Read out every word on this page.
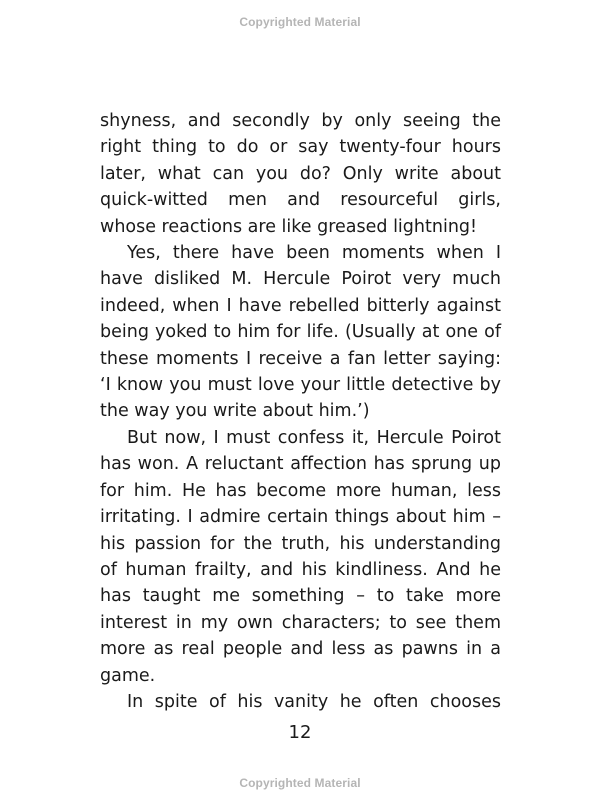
Copyrighted Material

shyness, and secondly by only seeing the right thing to do or say twenty-four hours later, what can you do? Only write about quick-witted men and resourceful girls, whose reactions are like greased lightning!

Yes, there have been moments when I have disliked M. Hercule Poirot very much indeed, when I have rebelled bitterly against being yoked to him for life. (Usually at one of these moments I receive a fan letter saying: ‘I know you must love your little detective by the way you write about him.’)

But now, I must confess it, Hercule Poirot has won. A reluctant affection has sprung up for him. He has become more human, less irritating. I admire certain things about him – his passion for the truth, his understanding of human frailty, and his kindliness. And he has taught me something – to take more interest in my own characters; to see them more as real people and less as pawns in a game.

In spite of his vanity he often chooses

12
Copyrighted Material
